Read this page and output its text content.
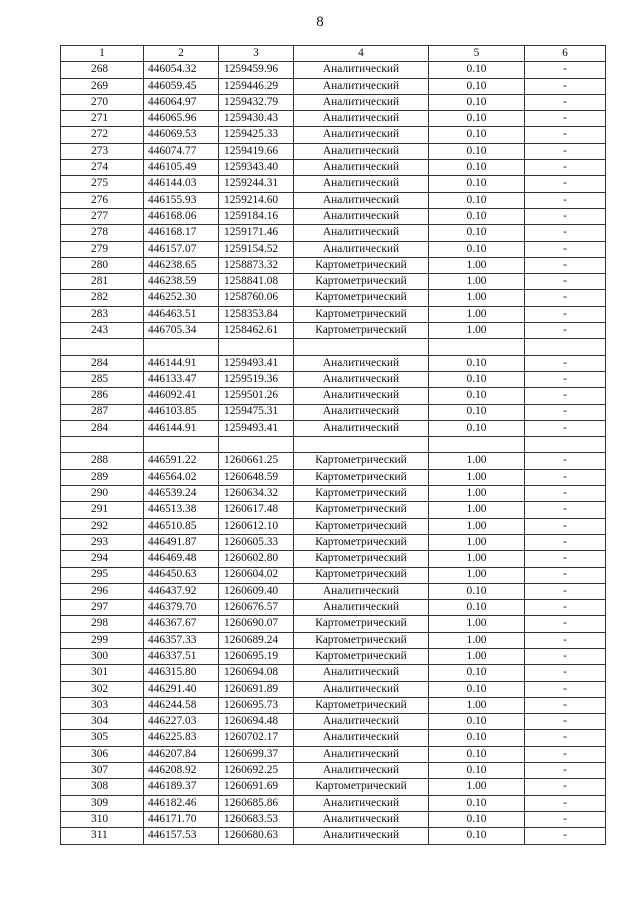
8
1	2	3	4	5	6
268	446054.32	1259459.96	Аналитический	0.10	-
269	446059.45	1259446.29	Аналитический	0.10	-
270	446064.97	1259432.79	Аналитический	0.10	-
271	446065.96	1259430.43	Аналитический	0.10	-
272	446069.53	1259425.33	Аналитический	0.10	-
273	446074.77	1259419.66	Аналитический	0.10	-
274	446105.49	1259343.40	Аналитический	0.10	-
275	446144.03	1259244.31	Аналитический	0.10	-
276	446155.93	1259214.60	Аналитический	0.10	-
277	446168.06	1259184.16	Аналитический	0.10	-
278	446168.17	1259171.46	Аналитический	0.10	-
279	446157.07	1259154.52	Аналитический	0.10	-
280	446238.65	1258873.32	Картометрический	1.00	-
281	446238.59	1258841.08	Картометрический	1.00	-
282	446252.30	1258760.06	Картометрический	1.00	-
283	446463.51	1258353.84	Картометрический	1.00	-
243	446705.34	1258462.61	Картометрический	1.00	-

284	446144.91	1259493.41	Аналитический	0.10	-
285	446133.47	1259519.36	Аналитический	0.10	-
286	446092.41	1259501.26	Аналитический	0.10	-
287	446103.85	1259475.31	Аналитический	0.10	-
284	446144.91	1259493.41	Аналитический	0.10	-

288	446591.22	1260661.25	Картометрический	1.00	-
289	446564.02	1260648.59	Картометрический	1.00	-
290	446539.24	1260634.32	Картометрический	1.00	-
291	446513.38	1260617.48	Картометрический	1.00	-
292	446510.85	1260612.10	Картометрический	1.00	-
293	446491.87	1260605.33	Картометрический	1.00	-
294	446469.48	1260602.80	Картометрический	1.00	-
295	446450.63	1260604.02	Картометрический	1.00	-
296	446437.92	1260609.40	Аналитический	0.10	-
297	446379.70	1260676.57	Аналитический	0.10	-
298	446367.67	1260690.07	Картометрический	1.00	-
299	446357.33	1260689.24	Картометрический	1.00	-
300	446337.51	1260695.19	Картометрический	1.00	-
301	446315.80	1260694.08	Аналитический	0.10	-
302	446291.40	1260691.89	Аналитический	0.10	-
303	446244.58	1260695.73	Картометрический	1.00	-
304	446227.03	1260694.48	Аналитический	0.10	-
305	446225.83	1260702.17	Аналитический	0.10	-
306	446207.84	1260699.37	Аналитический	0.10	-
307	446208.92	1260692.25	Аналитический	0.10	-
308	446189.37	1260691.69	Картометрический	1.00	-
309	446182.46	1260685.86	Аналитический	0.10	-
310	446171.70	1260683.53	Аналитический	0.10	-
311	446157.53	1260680.63	Аналитический	0.10	-
